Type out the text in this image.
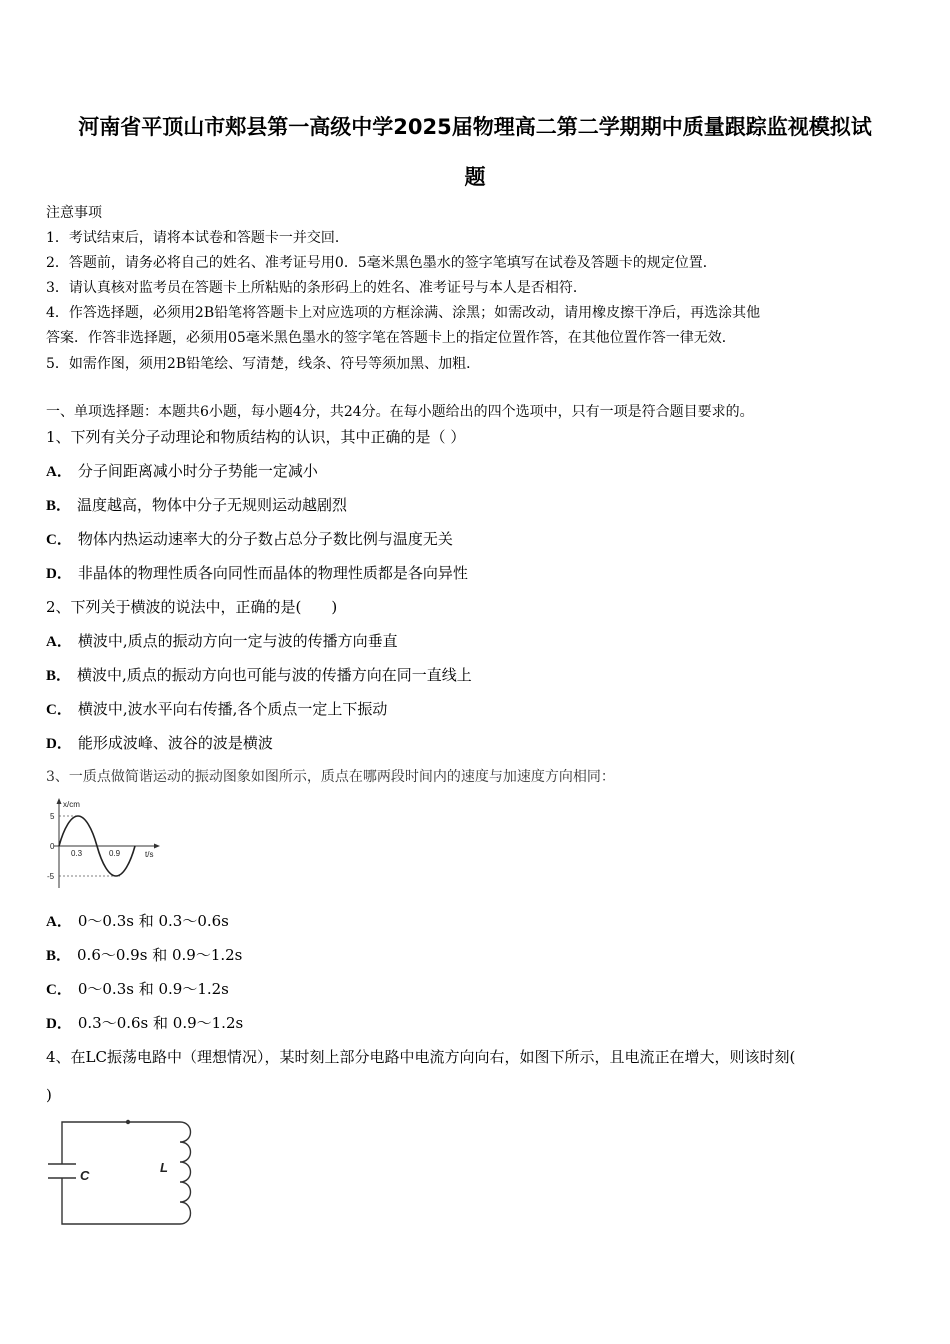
河南省平顶山市郏县第一高级中学2025届物理高二第二学期期中质量跟踪监视模拟试
题
注意事项
1．考试结束后，请将本试卷和答题卡一并交回．
2．答题前，请务必将自己的姓名、准考证号用0．5毫米黑色墨水的签字笔填写在试卷及答题卡的规定位置．
3．请认真核对监考员在答题卡上所粘贴的条形码上的姓名、准考证号与本人是否相符．
4．作答选择题，必须用2B铅笔将答题卡上对应选项的方框涂满、涂黑；如需改动，请用橡皮擦干净后，再选涂其他
答案．作答非选择题，必须用05毫米黑色墨水的签字笔在答题卡上的指定位置作答，在其他位置作答一律无效．
5．如需作图，须用2B铅笔绘、写清楚，线条、符号等须加黑、加粗．
一、单项选择题：本题共6小题，每小题4分，共24分。在每小题给出的四个选项中，只有一项是符合题目要求的。
1、下列有关分子动理论和物质结构的认识，其中正确的是（ ）
A． 分子间距离减小时分子势能一定减小
B． 温度越高，物体中分子无规则运动越剧烈
C． 物体内热运动速率大的分子数占总分子数比例与温度无关
D． 非晶体的物理性质各向同性而晶体的物理性质都是各向异性
2、下列关于横波的说法中，正确的是(　　)
A． 横波中,质点的振动方向一定与波的传播方向垂直
B． 横波中,质点的振动方向也可能与波的传播方向在同一直线上
C． 横波中,波水平向右传播,各个质点一定上下振动
D． 能形成波峰、波谷的波是横波
3、一质点做简谐运动的振动图象如图所示，质点在哪两段时间内的速度与加速度方向相同：
x/cm
t/s
5
0
-5
0.3	0.9
A． 0～0.3s 和 0.3～0.6s
B． 0.6～0.9s 和 0.9～1.2s
C． 0～0.3s 和 0.9～1.2s
D． 0.3～0.6s 和 0.9～1.2s
4、在LC振荡电路中（理想情况），某时刻上部分电路中电流方向向右，如图下所示，且电流正在增大，则该时刻(
)
C
L
